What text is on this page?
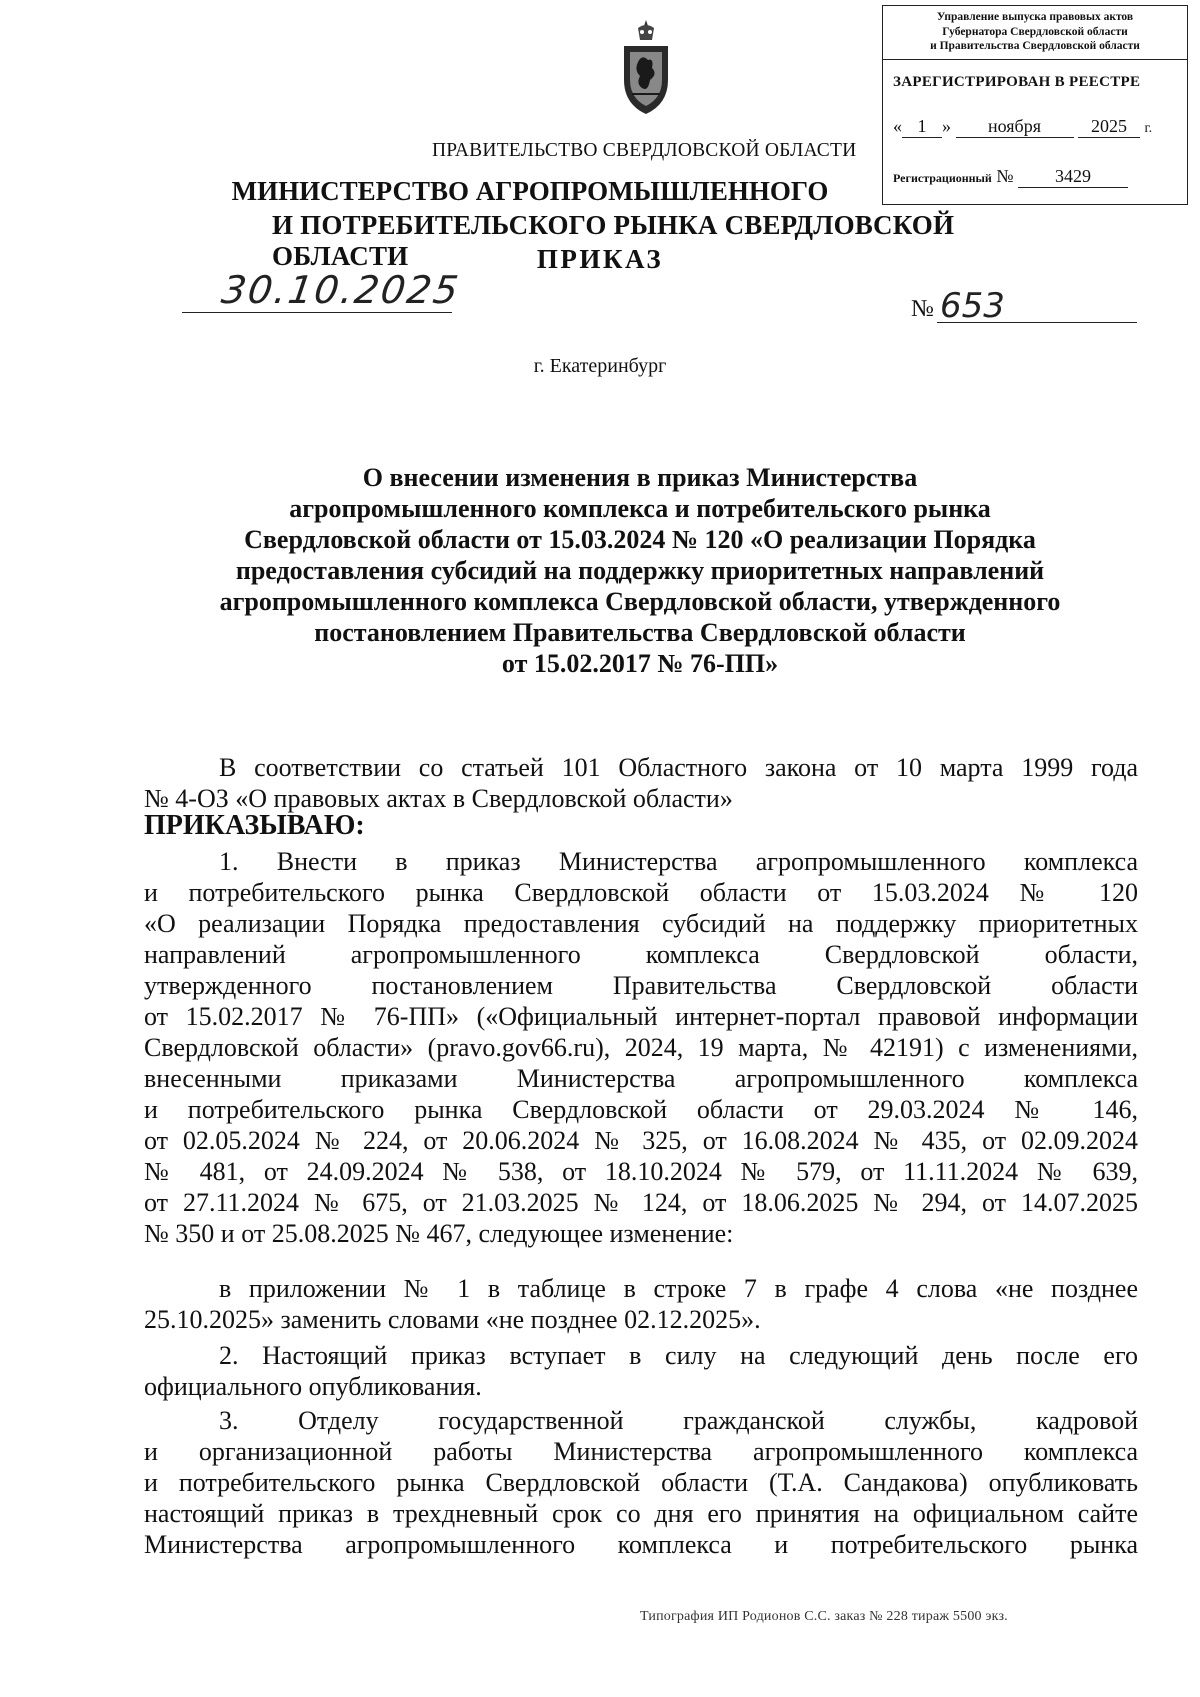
Управление выпуска правовых актов
Губернатора Свердловской области
и Правительства Свердловской области
ЗАРЕГИСТРИРОВАН В РЕЕСТРЕ
« 1 » ноября	2025 г.
Регистрационный № 3429
ПРАВИТЕЛЬСТВО СВЕРДЛОВСКОЙ ОБЛАСТИ
МИНИСТЕРСТВО АГРОПРОМЫШЛЕННОГО
И ПОТРЕБИТЕЛЬСКОГО РЫНКА СВЕРДЛОВСКОЙ ОБЛАСТИ	ПРИКАЗ
30.10.2025	№ 653
г. Екатеринбург
О внесении изменения в приказ Министерства
агропромышленного комплекса и потребительского рынка
Свердловской области от 15.03.2024 № 120 «О реализации Порядка
предоставления субсидий на поддержку приоритетных направлений
агропромышленного комплекса Свердловской области, утвержденного
постановлением Правительства Свердловской области
от 15.02.2017 № 76-ПП»

В соответствии со статьей 101 Областного закона от 10 марта 1999 года

№ 4-ОЗ «О правовых актах в Свердловской области»

ПРИКАЗЫВАЮ:

1. Внести в приказ Министерства агропромышленного комплекса

и потребительского рынка Свердловской области от 15.03.2024 № 120

«О реализации Порядка предоставления субсидий на поддержку приоритетных

направлений агропромышленного комплекса Свердловской области,

утвержденного постановлением Правительства Свердловской области

от 15.02.2017 № 76-ПП» («Официальный интернет-портал правовой информации

Свердловской области» (pravo.gov66.ru), 2024, 19 марта, № 42191) с изменениями,

внесенными приказами Министерства агропромышленного комплекса

и потребительского рынка Свердловской области от 29.03.2024 № 146,

от 02.05.2024 № 224, от 20.06.2024 № 325, от 16.08.2024 № 435, от 02.09.2024

№ 481, от 24.09.2024 № 538, от 18.10.2024 № 579, от 11.11.2024 № 639,

от 27.11.2024 № 675, от 21.03.2025 № 124, от 18.06.2025 № 294, от 14.07.2025

№ 350 и от 25.08.2025 № 467, следующее изменение:

в приложении № 1 в таблице в строке 7 в графе 4 слова «не позднее

25.10.2025» заменить словами «не позднее 02.12.2025».

2. Настоящий приказ вступает в силу на следующий день после его

официального опубликования.

3. Отделу государственной гражданской службы, кадровой

и организационной работы Министерства агропромышленного комплекса

и потребительского рынка Свердловской области (Т.А. Сандакова) опубликовать

настоящий приказ в трехдневный срок со дня его принятия на официальном сайте

Министерства агропромышленного комплекса и потребительского рынка

Типография ИП Родионов С.С. заказ № 228 тираж 5500 экз.
